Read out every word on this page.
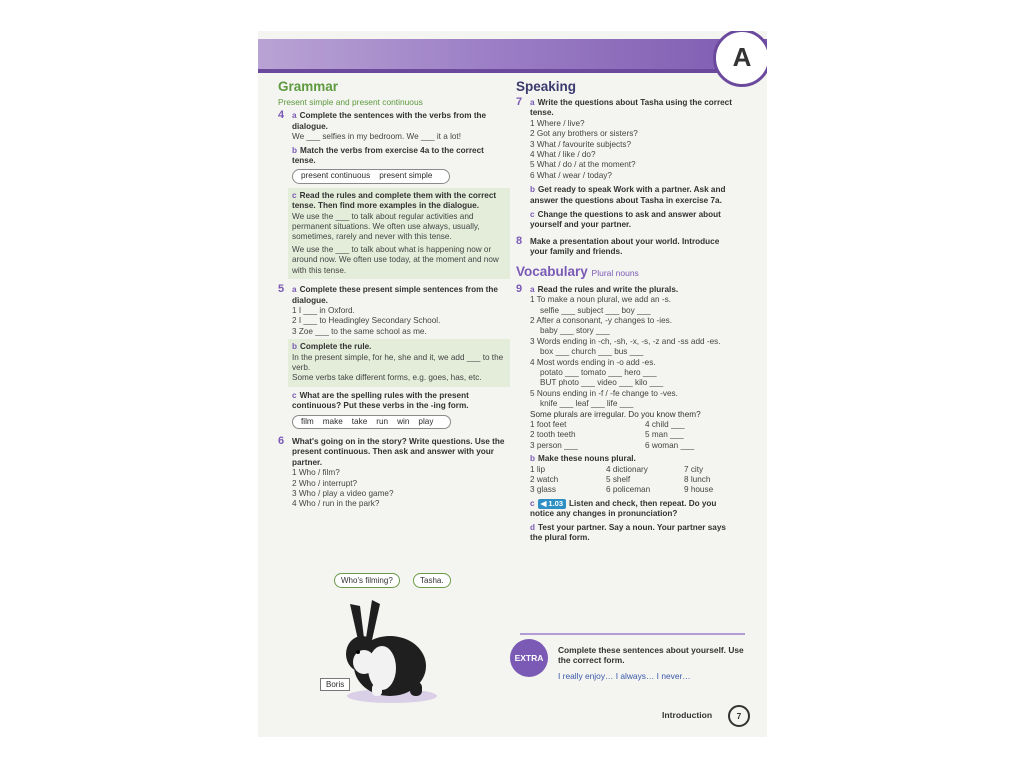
A
Grammar
Present simple and present continuous
4 a Complete the sentences with the verbs from the dialogue.
We ___ selfies in my bedroom. We ___ it a lot!
b Match the verbs from exercise 4a to the correct tense.
present continuous present simple
c Read the rules and complete them with the correct tense. Then find more examples in the dialogue.
We use the ___ to talk about regular activities and permanent situations. We often use always, usually, sometimes, rarely and never with this tense.
We use the ___ to talk about what is happening now or around now. We often use today, at the moment and now with this tense.
5 a Complete these present simple sentences from the dialogue.
1 I ___ in Oxford.
2 I ___ to Headingley Secondary School.
3 Zoe ___ to the same school as me.
b Complete the rule.
In the present simple, for he, she and it, we add ___ to the verb.
Some verbs take different forms, e.g. goes, has, etc.
c What are the spelling rules with the present continuous? Put these verbs in the -ing form.
film make take run win play
6 What's going on in the story? Write questions. Use the present continuous. Then ask and answer with your partner.
1 Who / film?
2 Who / interrupt?
3 Who / play a video game?
4 Who / run in the park?
Who's filming?	Tasha.
Boris
Speaking
7 a Write the questions about Tasha using the correct tense.
1 Where / live?
2 Got any brothers or sisters?
3 What / favourite subjects?
4 What / like / do?
5 What / do / at the moment?
6 What / wear / today?
b Get ready to speak Work with a partner. Ask and answer the questions about Tasha in exercise 7a.
c Change the questions to ask and answer about yourself and your partner.
8 Make a presentation about your world. Introduce your family and friends.
Vocabulary Plural nouns
9 a Read the rules and write the plurals.
1 To make a noun plural, we add an -s.
selfie ___ subject ___ boy ___
2 After a consonant, -y changes to -ies.
baby ___ story ___
3 Words ending in -ch, -sh, -x, -s, -z and -ss add -es.
box ___ church ___ bus ___
4 Most words ending in -o add -es.
potato ___ tomato ___ hero ___
BUT photo ___ video ___ kilo ___
5 Nouns ending in -f / -fe change to -ves.
knife ___ leaf ___ life ___
Some plurals are irregular. Do you know them?
1 foot feet	4 child ___
2 tooth teeth	5 man ___
3 person ___	6 woman ___
b Make these nouns plural.
1 lip	4 dictionary	7 city
2 watch	5 shelf	8 lunch
3 glass	6 policeman	9 house
c ◀ 1.03 Listen and check, then repeat. Do you notice any changes in pronunciation?
d Test your partner. Say a noun. Your partner says the plural form.
EXTRA
Complete these sentences about yourself. Use the correct form.
I really enjoy… I always… I never…
Introduction	7
